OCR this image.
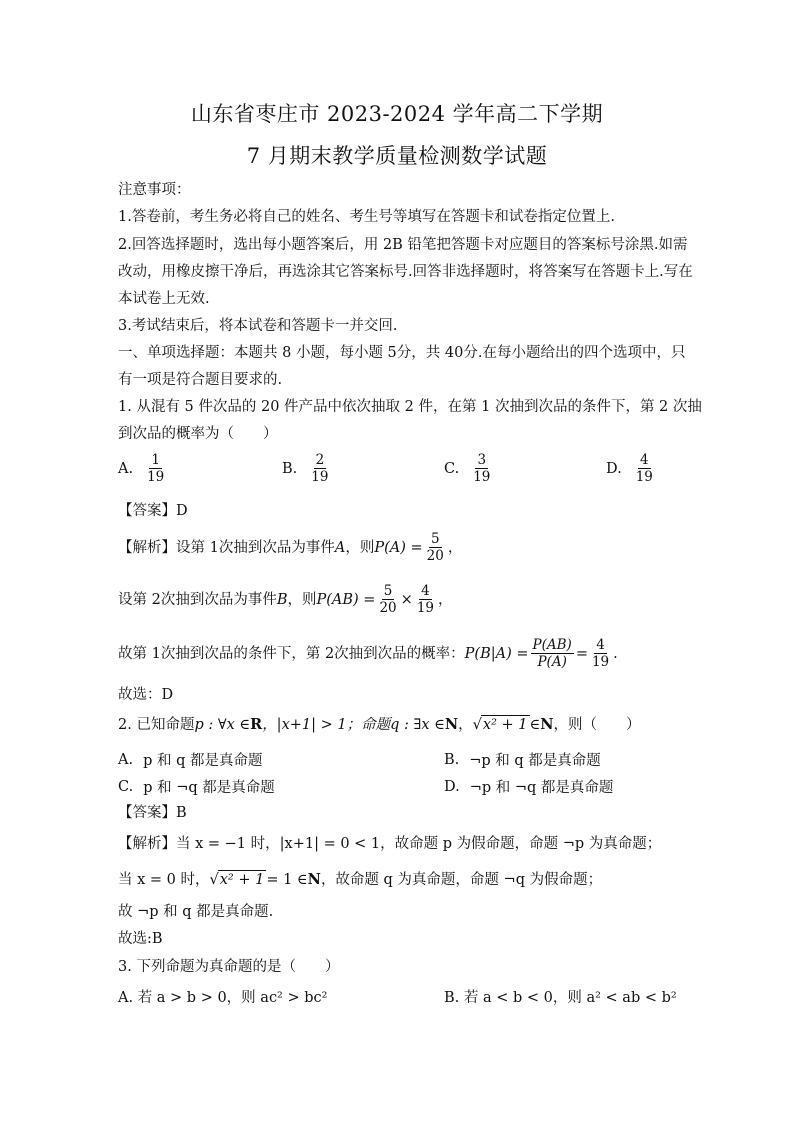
山东省枣庄市 2023-2024 学年高二下学期
7 月期末教学质量检测数学试题
注意事项：
1.答卷前，考生务必将自己的姓名、考生号等填写在答题卡和试卷指定位置上.
2.回答选择题时，选出每小题答案后，用 2B 铅笔把答题卡对应题目的答案标号涂黑.如需
改动，用橡皮擦干净后，再选涂其它答案标号.回答非选择题时，将答案写在答题卡上.写在
本试卷上无效.
3.考试结束后，将本试卷和答题卡一并交回.
一、单项选择题：本题共 8 小题，每小题 5分，共 40分.在每小题给出的四个选项中，只
有一项是符合题目要求的.
1. 从混有 5 件次品的 20 件产品中依次抽取 2 件，在第 1 次抽到次品的条件下，第 2 次抽
到次品的概率为（　　）
A. $\frac{1}{19}$	B. $\frac{2}{19}$	C. $\frac{3}{19}$	D. $\frac{4}{19}$
【答案】D
【解析】 设第 1次抽到次品为事件 A ，则 $P(A) = \frac{5}{20}$ ，
设第 2次抽到次品为事件 B ，则 $P(AB) = \frac{5}{20} \times \frac{4}{19}$ ，
故第 1次抽到次品的条件下，第 2次抽到次品的概率： $P(B|A) = \frac{P(AB)}{P(A)} = \frac{4}{19}$ .
故选：D
2. 已知命题 p : ∀x ∈ R ，|x+1| > 1；命题 q : ∃x ∈ N ， √ x² + 1 ∈ N ，则（　　）
A. p 和 q 都是真命题	B. ¬p 和 q 都是真命题
C. p 和 ¬q 都是真命题	D. ¬p 和 ¬q 都是真命题
【答案】B
【解析】当 x = −1 时，|x+1| = 0 < 1，故命题 p 为假命题，命题 ¬p 为真命题；
当 x = 0 时， √ x² + 1 = 1 ∈ N ，故命题 q 为真命题，命题 ¬q 为假命题；
故 ¬p 和 q 都是真命题.
故选:B
3. 下列命题为真命题的是（　　）
A. 若 a > b > 0，则 ac² > bc²	B. 若 a < b < 0，则 a² < ab < b²
